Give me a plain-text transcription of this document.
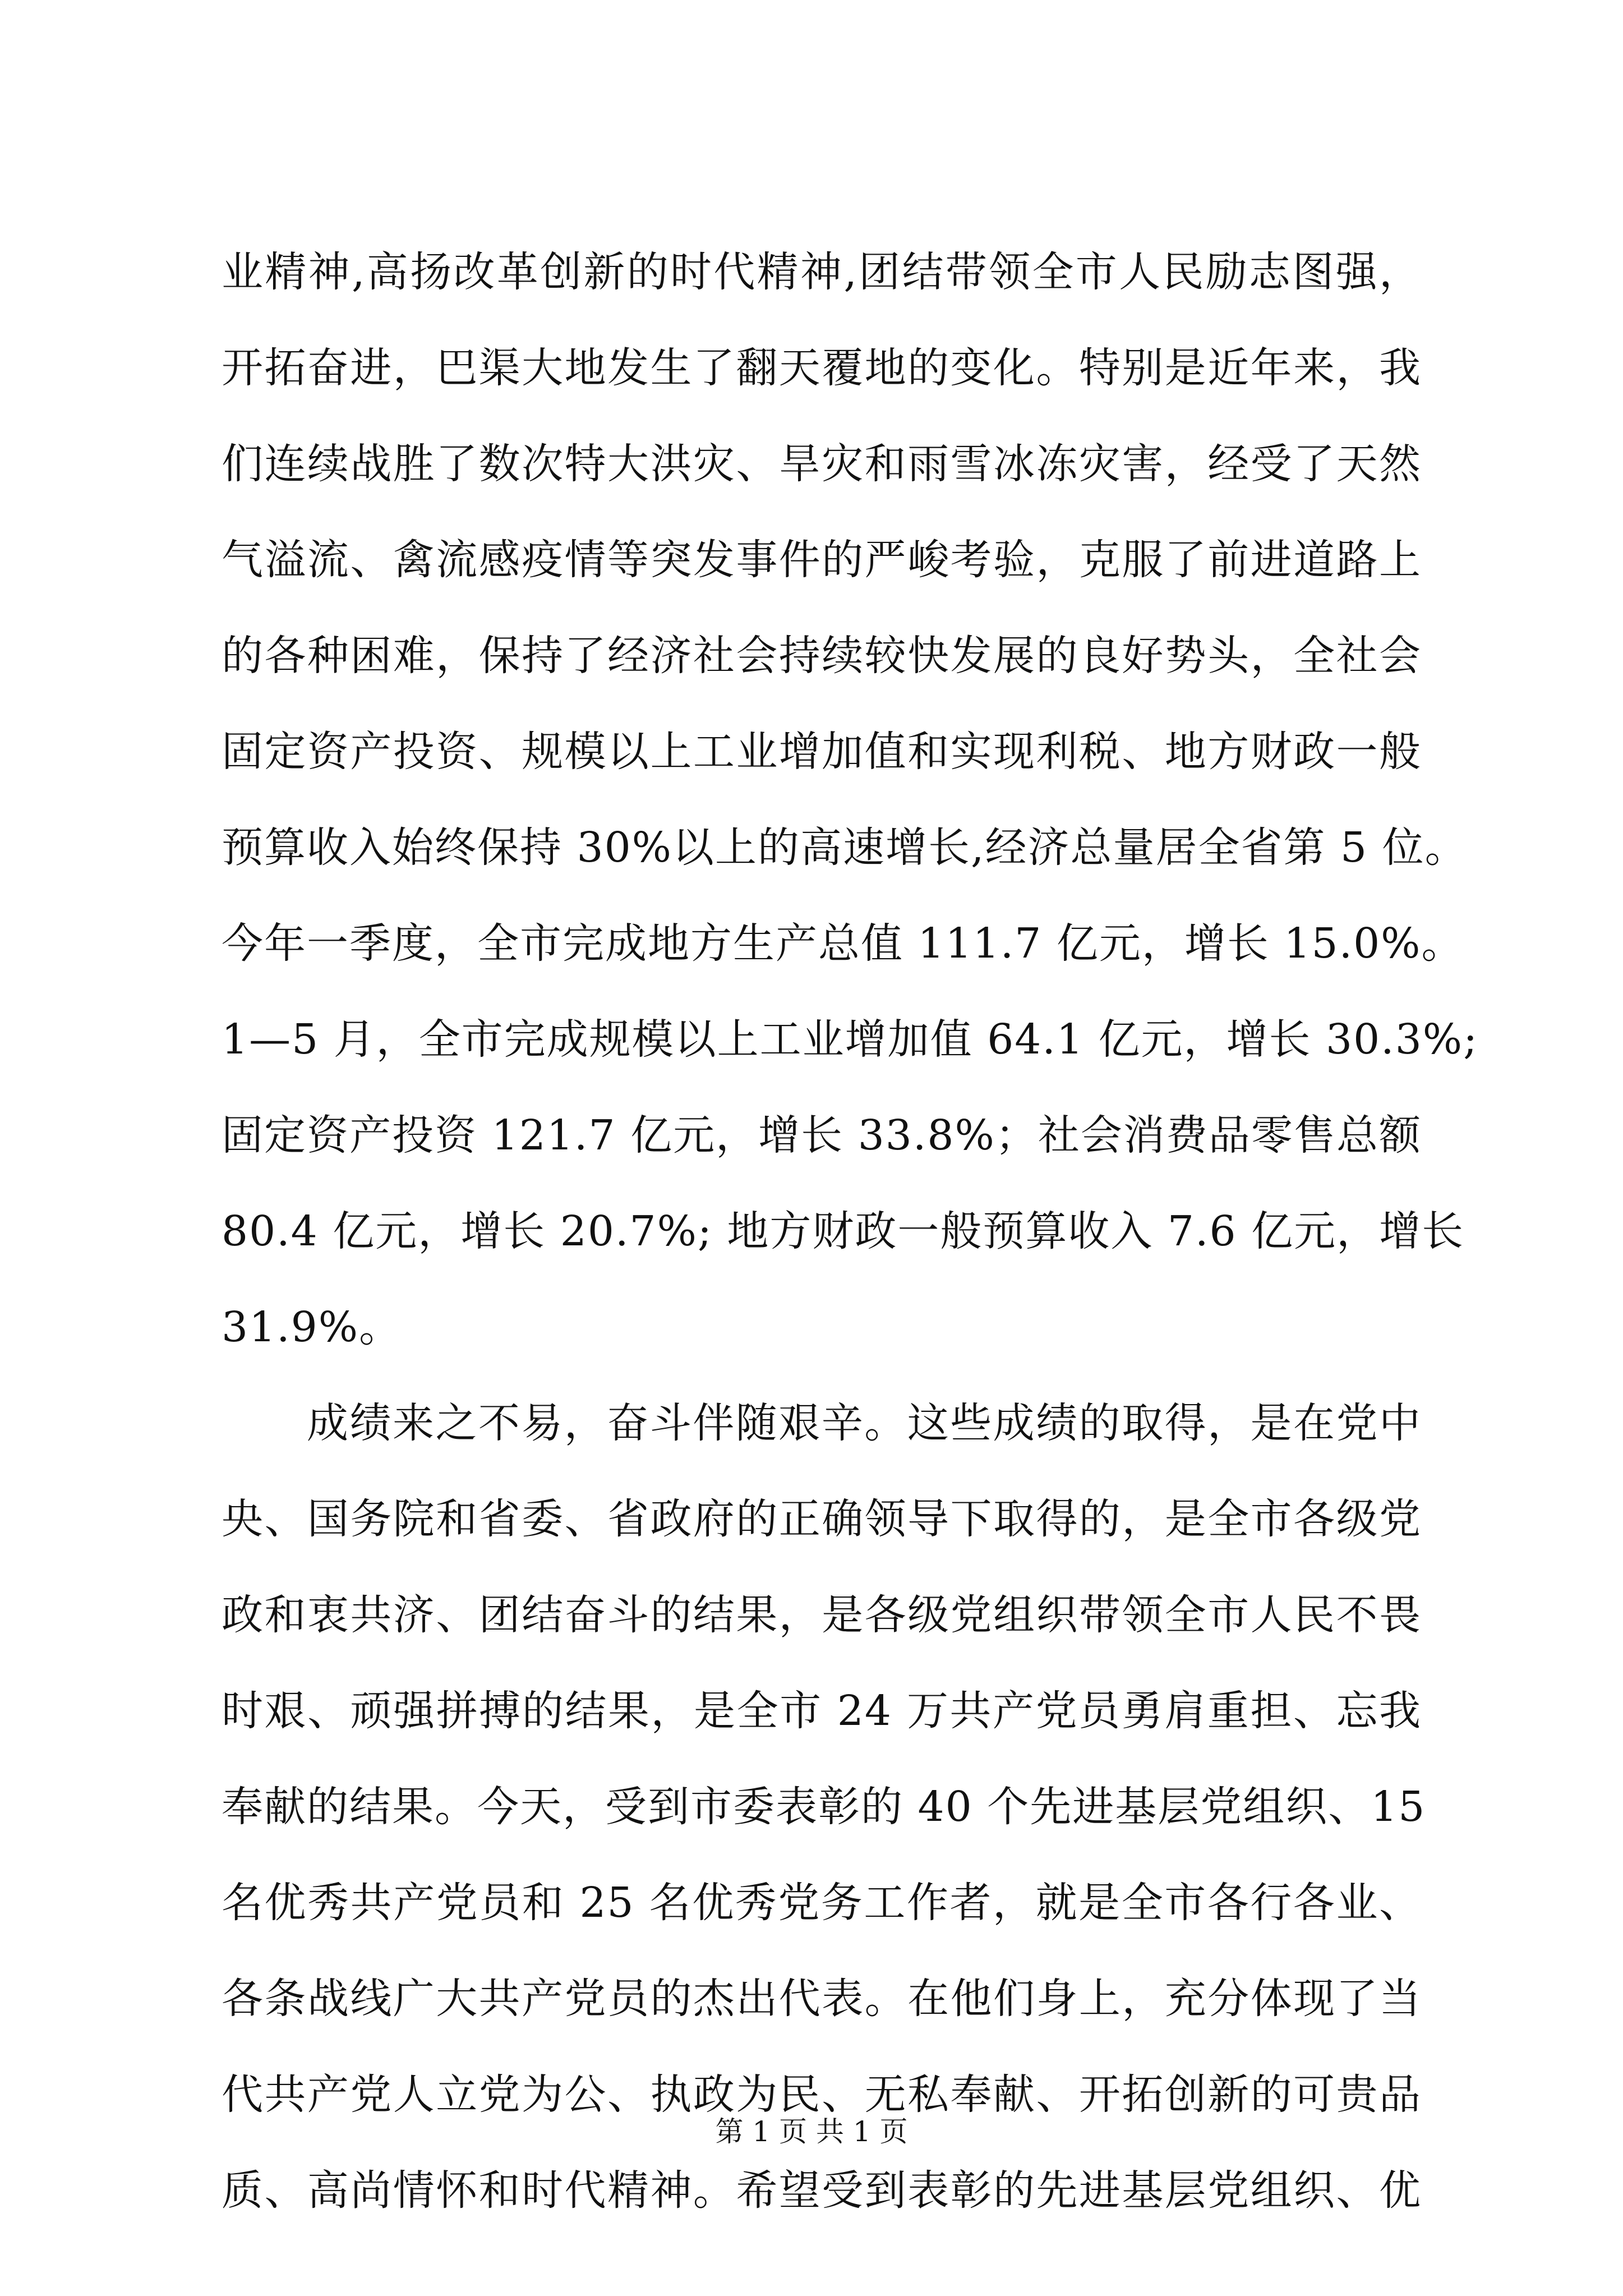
业精神,高扬改革创新的时代精神,团结带领全市人民励志图强，
开拓奋进，巴渠大地发生了翻天覆地的变化。特别是近年来，我
们连续战胜了数次特大洪灾、旱灾和雨雪冰冻灾害，经受了天然
气溢流、禽流感疫情等突发事件的严峻考验，克服了前进道路上
的各种困难，保持了经济社会持续较快发展的良好势头，全社会
固定资产投资、规模以上工业增加值和实现利税、地方财政一般
预算收入始终保持 30%以上的高速增长,经济总量居全省第 5 位。
今年一季度，全市完成地方生产总值 111.7 亿元，增长 15.0%。
1—5 月，全市完成规模以上工业增加值 64.1 亿元，增长 30.3%;
固定资产投资 121.7 亿元，增长 33.8%；社会消费品零售总额
80.4 亿元，增长 20.7%; 地方财政一般预算收入 7.6 亿元，增长
31.9%。
成绩来之不易，奋斗伴随艰辛。这些成绩的取得，是在党中
央、国务院和省委、省政府的正确领导下取得的，是全市各级党
政和衷共济、团结奋斗的结果，是各级党组织带领全市人民不畏
时艰、顽强拼搏的结果，是全市 24 万共产党员勇肩重担、忘我
奉献的结果。今天，受到市委表彰的 40 个先进基层党组织、15
名优秀共产党员和 25 名优秀党务工作者，就是全市各行各业、
各条战线广大共产党员的杰出代表。在他们身上，充分体现了当
代共产党人立党为公、执政为民、无私奉献、开拓创新的可贵品
质、高尚情怀和时代精神。希望受到表彰的先进基层党组织、优
第 1 页 共 1 页
